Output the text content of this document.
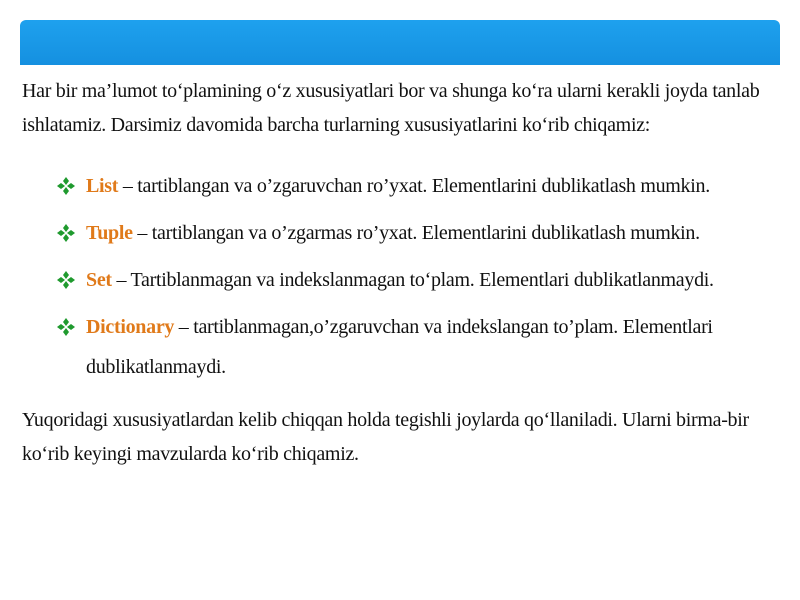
Har bir ma’lumot to‘plamining o‘z xususiyatlari bor va shunga ko‘ra ularni kerakli joyda tanlab ishlatamiz. Darsimiz davomida barcha turlarning xususiyatlarini ko‘rib chiqamiz:

List – tartiblangan va o’zgaruvchan ro’yxat. Elementlarini dublikatlash mumkin.
Tuple – tartiblangan va o’zgarmas ro’yxat. Elementlarini dublikatlash mumkin.
Set – Tartiblanmagan va indekslanmagan to‘plam. Elementlari dublikatlanmaydi.
Dictionary – tartiblanmagan,o’zgaruvchan va indekslangan to’plam. Elementlari
dublikatlanmaydi.

Yuqoridagi xususiyatlardan kelib chiqqan holda tegishli joylarda qo‘llaniladi. Ularni birma-bir ko‘rib keyingi mavzularda ko‘rib chiqamiz.
